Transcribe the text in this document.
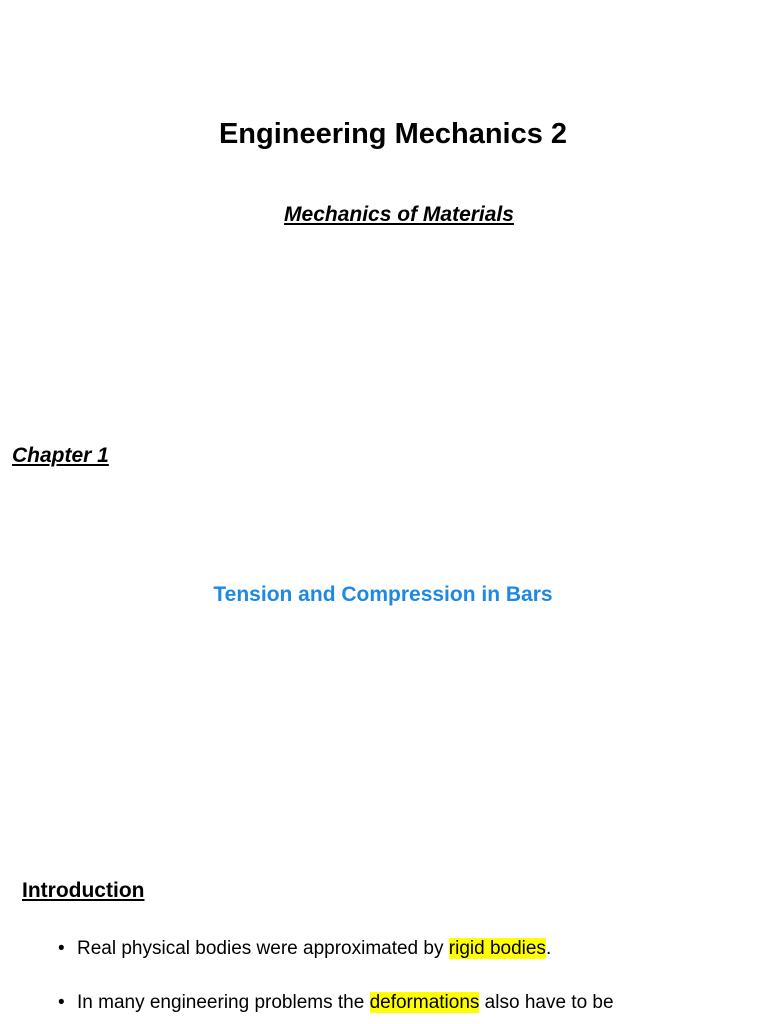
Engineering Mechanics 2
Mechanics of Materials
Chapter 1
Tension and Compression in Bars
Introduction
• Real physical bodies were approximated by rigid bodies.
• In many engineering problems the deformations also have to be
